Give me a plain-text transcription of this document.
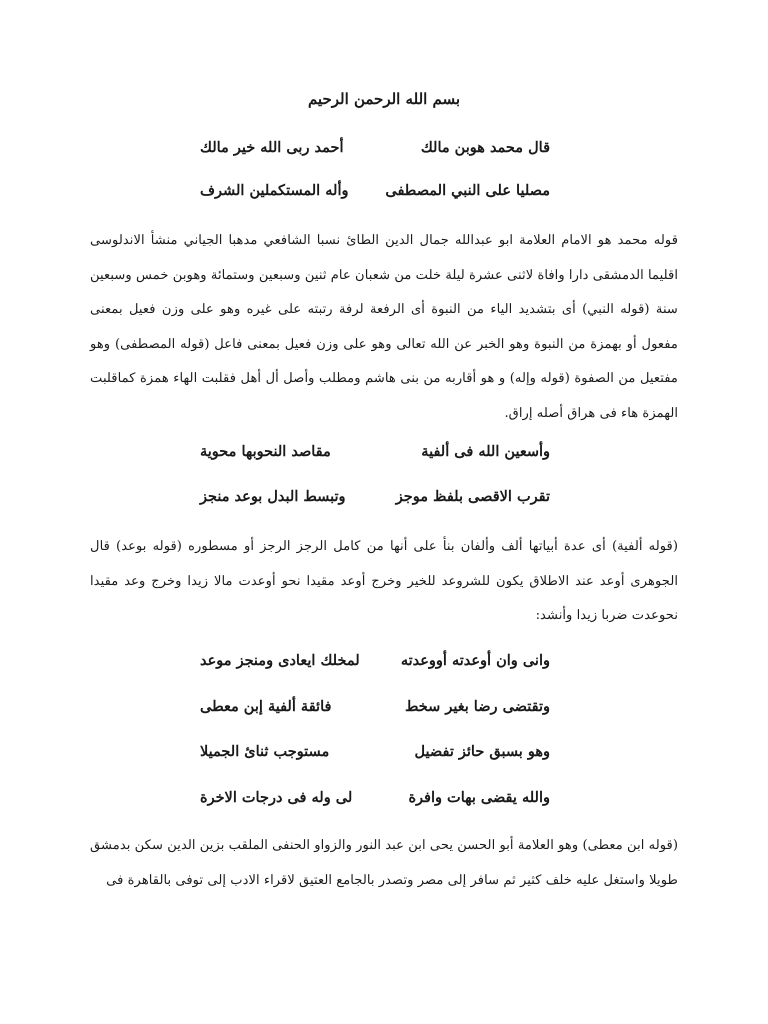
بسم الله الرحمن الرحيم
قال محمد هوبن مالك
أحمد ربى الله خير مالك
مصليا على النبي المصطفى
وأله المستكملين الشرف

قوله محمد هو الامام العلامة ابو عبدالله جمال الدين الطائ نسبا الشافعي مدهبا الجياني منشأ الاندلوسى اقليما الدمشقى دارا وافاة لاثنى عشرة ليلة خلت من شعبان عام ثنين وسبعين وستمائة وهوبن خمس وسبعين سنة (قوله النبي) أى بتشديد الياء من النبوة أى الرفعة لرفة رتبته على غيره وهو على وزن فعيل بمعنى مفعول أو بهمزة من النبوة وهو الخبر عن الله تعالى وهو على وزن فعيل بمعنى فاعل (قوله المصطفى) وهو مفتعيل من الصفوة (قوله وإله) و هو أقاربه من بنى هاشم ومطلب وأصل أل أهل فقلبت الهاء همزة كماقلبت الهمزة هاء فى هراق أصله إراق.

وأسعين الله فى ألفية
مقاصد النحوبها محوية
تقرب الاقصى بلفظ موجز
وتبسط البدل بوعد منجز

(قوله ألفية) أى عدة أبياتها ألف وألفان بنأ على أنها من كامل الرجز الرجز أو مسطوره (قوله بوعد) قال الجوهرى أوعد عند الاطلاق يكون للشروعد للخير وخرج أوعد مقيدا نحو أوعدت مالا زيدا وخرج وعد مقيدا نحوعدت ضربا زيدا وأنشد:

وانى وان أوعدته أووعدته
لمخلك ايعادى ومنجز موعد
وتقتضى رضا بغير سخط
فائقة ألفية إبن معطى
وهو بسبق حائز تفضيل
مستوجب ثنائ الجميلا
والله يقضى بهات وافرة
لى وله فى درجات الاخرة

(قوله ابن معطى) وهو العلامة أبو الحسن يحى ابن عبد النور والزواو الحنفى الملقب بزين الدين سكن بدمشق طويلا واستغل عليه خلف كثير ثم سافر إلى مصر وتصدر بالجامع العتيق لاقراء الادب إلى توفى بالقاهرة فى
